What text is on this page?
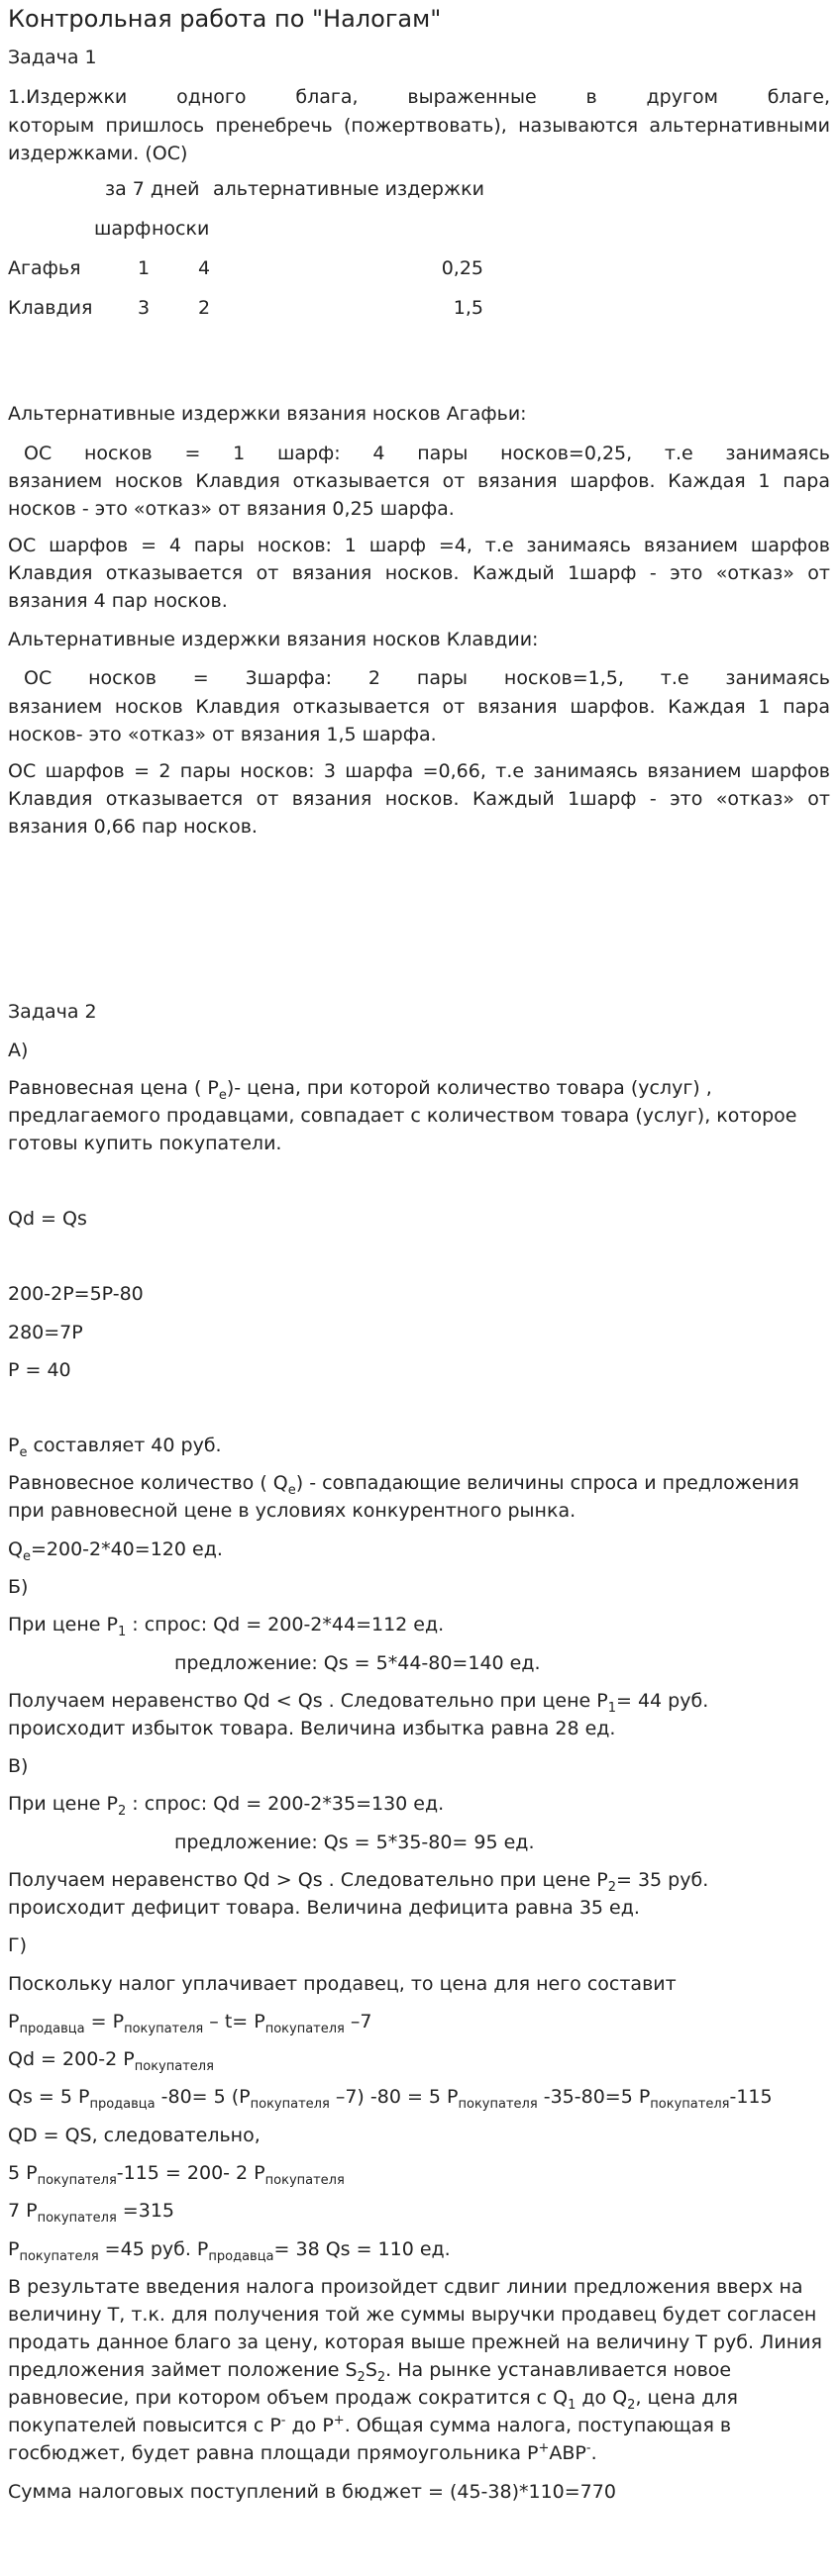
Контрольная работа по "Налогам"
Задача 1
1.Издержки одного блага, выраженные в другом благе,
которым пришлось пренебречь (пожертвовать), называются альтернативными
издержками. (ОС)
за 7 дней альтернативные издержки
шарф носки
Агафья	1	4	0,25
Клавдия 3	2	1,5
Альтернативные издержки вязания носков Агафьи:
ОС носков = 1 шарф: 4 пары носков=0,25, т.е занимаясь
вязанием носков Клавдия отказывается от вязания шарфов. Каждая 1 пара
носков - это «отказ» от вязания 0,25 шарфа.
ОС шарфов = 4 пары носков: 1 шарф =4, т.е занимаясь вязанием шарфов
Клавдия отказывается от вязания носков. Каждый 1шарф - это «отказ» от
вязания 4 пар носков.
Альтернативные издержки вязания носков Клавдии:
ОС носков = 3шарфа: 2 пары носков=1,5, т.е занимаясь
вязанием носков Клавдия отказывается от вязания шарфов. Каждая 1 пара
носков- это «отказ» от вязания 1,5 шарфа.
ОС шарфов = 2 пары носков: 3 шарфа =0,66, т.е занимаясь вязанием шарфов
Клавдия отказывается от вязания носков. Каждый 1шарф - это «отказ» от
вязания 0,66 пар носков.
Задача 2
А)
Равновесная цена ( $P_e)-$ цена, при которой количество товара (услуг) ,
предлагаемого продавцами, совпадает с количеством товара (услуг), которое
готовы купить покупатели.
Qd = Qs
200-2P=5P-80
280=7P
P = 40
$P_e$ составляет 40 руб.
Равновесное количество ( $Q_e$) - совпадающие величины спроса и предложения
при равновесной цене в условиях конкурентного рынка.
$Q_e=200-2*40=120$ ед.
Б)
При цене $P_1$ : спрос: Qd = 200-2*44=112 ед.
предложение: Qs = 5*44-80=140 ед.
Получаем неравенство Qd < Qs . Следовательно при цене $P_1= 44$ руб.
происходит избыток товара. Величина избытка равна 28 ед.
В)
При цене $P_2$ : спрос: Qd = 200-2*35=130 ед.
предложение: Qs = 5*35-80= 95 ед.
Получаем неравенство Qd > Qs . Следовательно при цене $P_2= 35$ руб.
происходит дефицит товара. Величина дефицита равна 35 ед.
Г)
Поскольку налог уплачивает продавец, то цена для него составит
$P_{продавца} = P_{покупателя} - t= P_{покупателя}$ –7
Qd = 200-2 $P_{покупателя}$
Qs = 5 $P_{продавца}$ -80= 5 ($P_{покупателя}$ –7) -80 = 5 $P_{покупателя}$ -35-80=5 $P_{покупателя}-115$
QD = QS, следовательно,
5 $P_{покупателя}-115 = 200-$ 2 $P_{покупателя}$
7 $P_{покупателя} =315$
$P_{покупателя} =45$ руб. $P_{продавца}= 38$ Qs = 110 ед.
В результате введения налога произойдет сдвиг линии предложения вверх на
величину T, т.к. для получения той же суммы выручки продавец будет согласен
продать данное благо за цену, которая выше прежней на величину T руб. Линия
предложения займет положение $S_2S_2$. На рынке устанавливается новое
равновесие, при котором объем продаж сократится с $Q_1$ до $Q_2$, цена для
покупателей повысится с P- до P+. Общая сумма налога, поступающая в
госбюджет, будет равна площади прямоугольника P+ABP-.
Сумма налоговых поступлений в бюджет = (45-38)*110=770
